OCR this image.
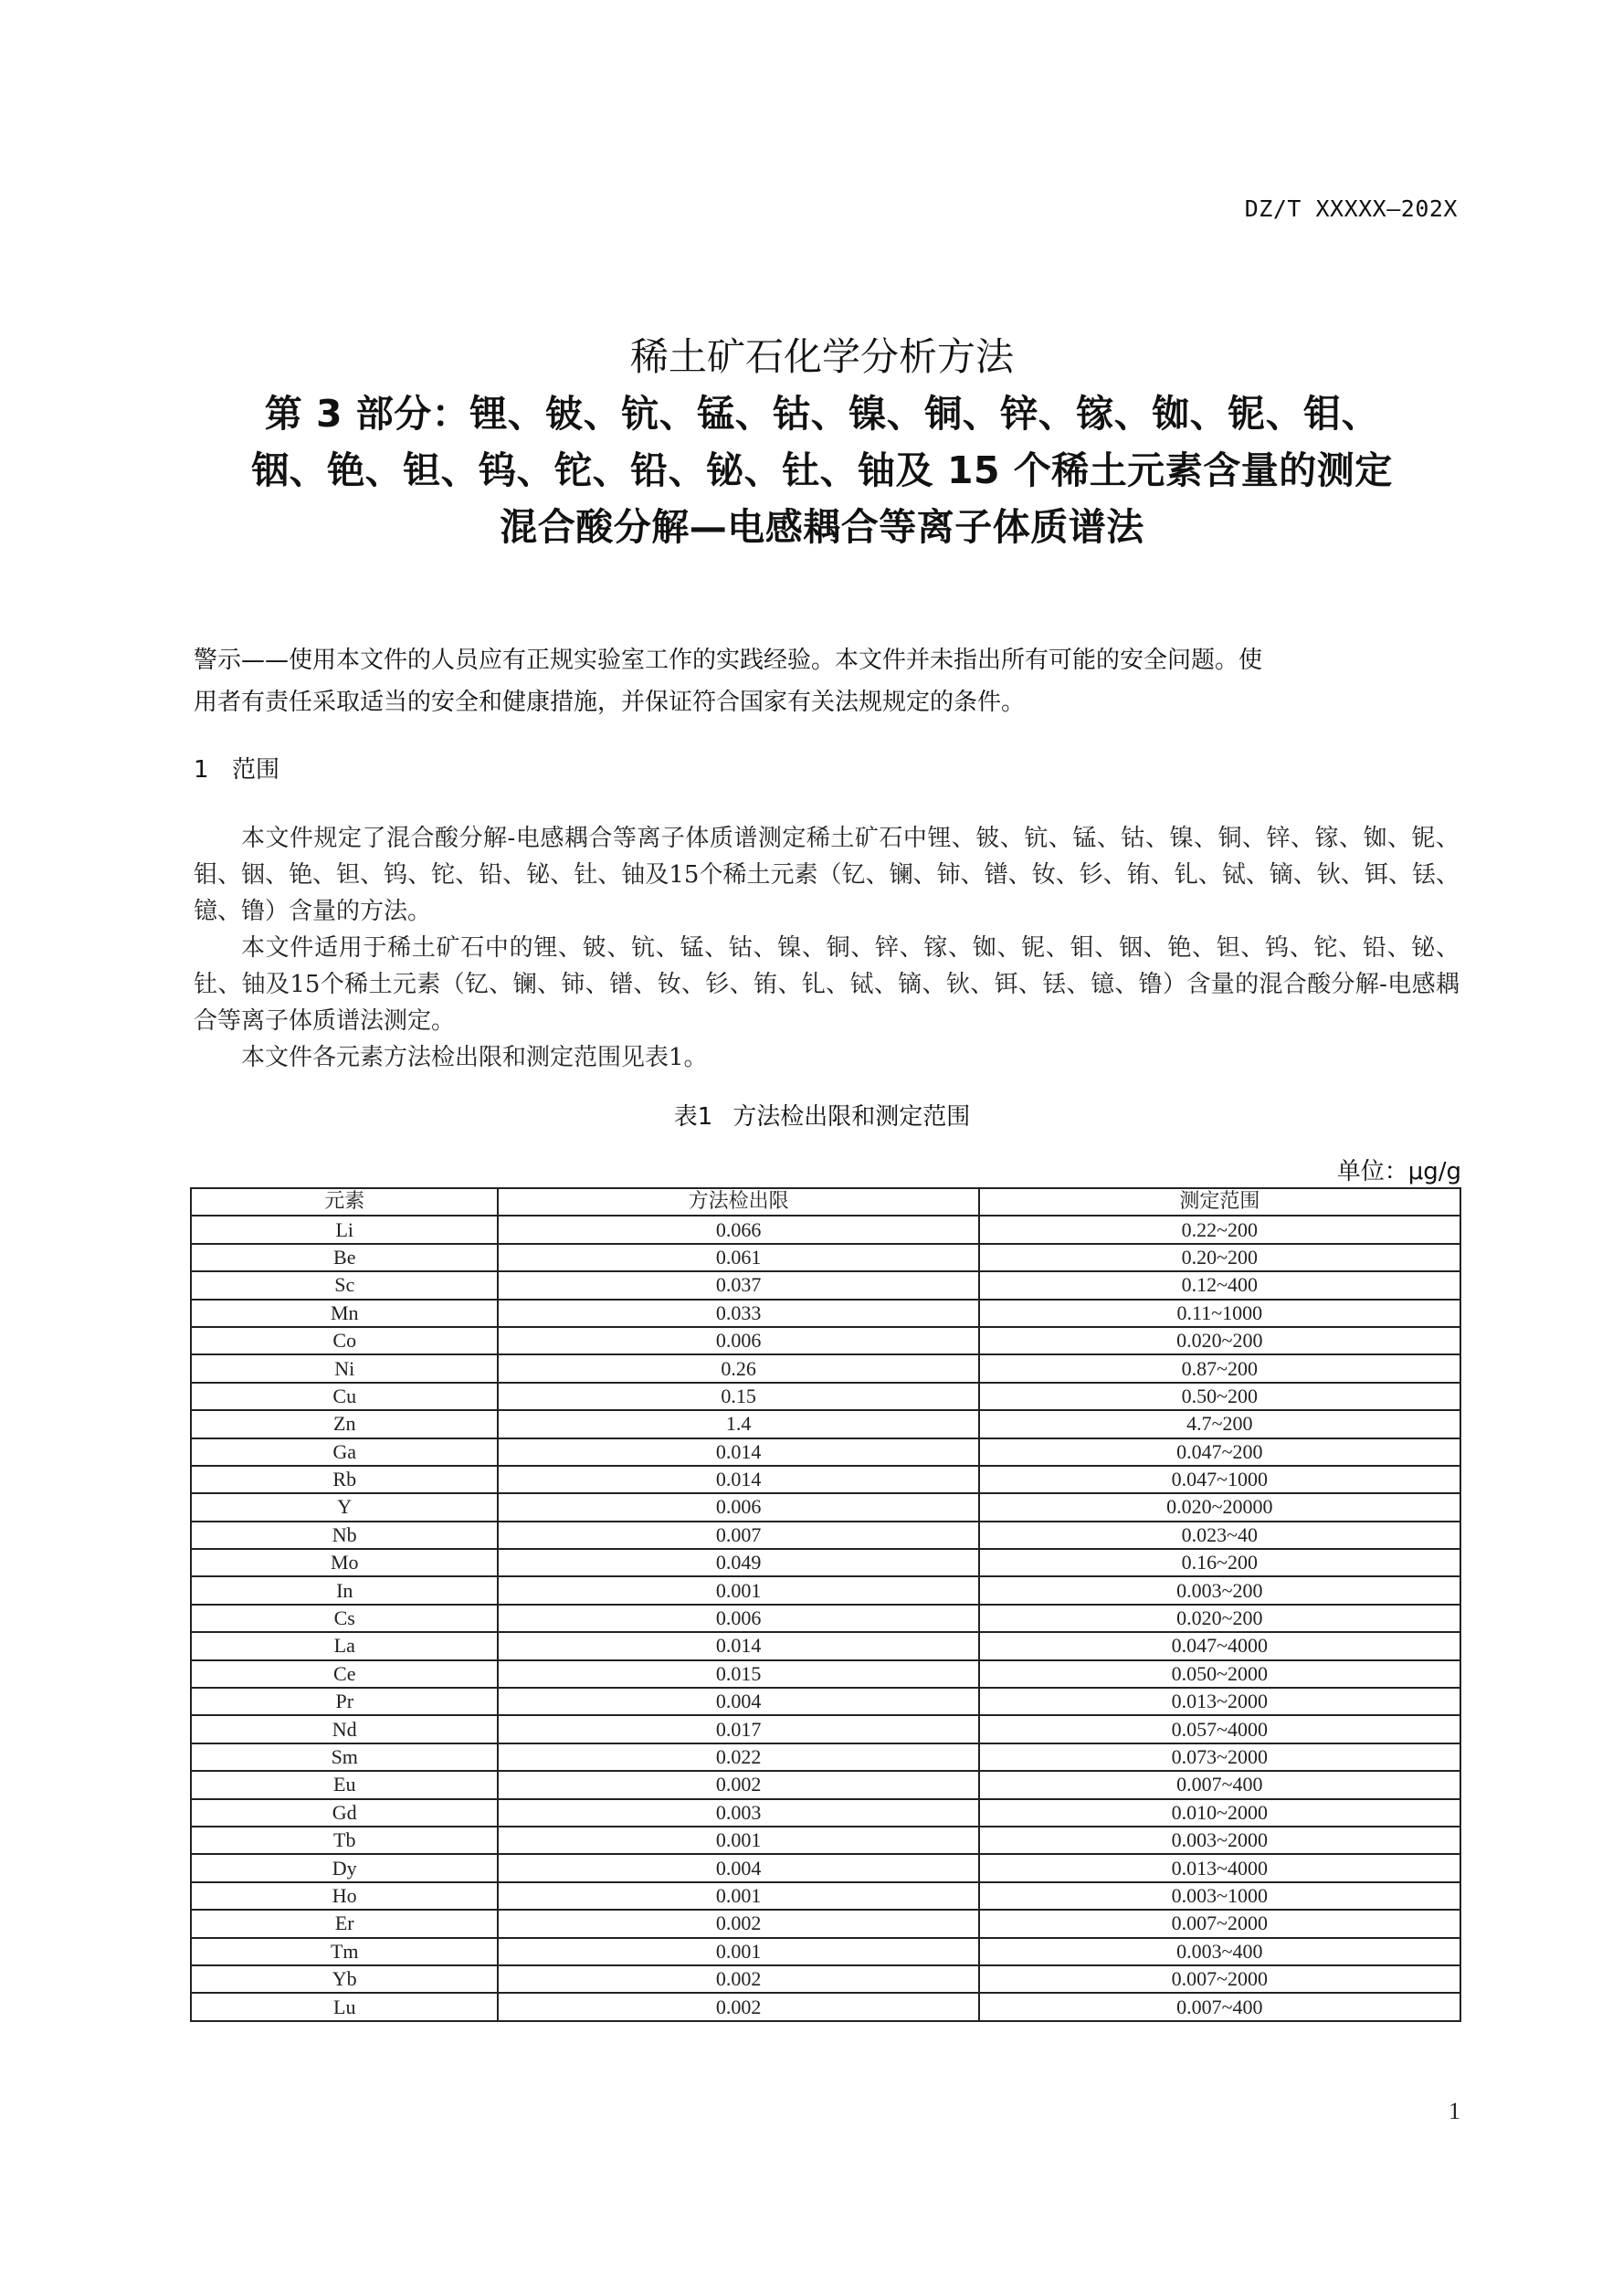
DZ/T XXXXX—202X
稀土矿石化学分析方法
第 3 部分：锂、铍、钪、锰、钴、镍、铜、锌、镓、铷、铌、钼、
铟、铯、钽、钨、铊、铅、铋、钍、铀及 15 个稀土元素含量的测定
混合酸分解—电感耦合等离子体质谱法
警示——使用本文件的人员应有正规实验室工作的实践经验。本文件并未指出所有可能的安全问题。使
用者有责任采取适当的安全和健康措施，并保证符合国家有关法规规定的条件。
1 范围

本文件规定了混合酸分解-电感耦合等离子体质谱测定稀土矿石中锂、铍、钪、锰、钴、镍、铜、锌、镓、铷、铌、钼、铟、铯、钽、钨、铊、铅、铋、钍、铀及15个稀土元素（钇、镧、铈、镨、钕、钐、铕、钆、铽、镝、钬、铒、铥、镱、镥）含量的方法。

本文件适用于稀土矿石中的锂、铍、钪、锰、钴、镍、铜、锌、镓、铷、铌、钼、铟、铯、钽、钨、铊、铅、铋、钍、铀及15个稀土元素（钇、镧、铈、镨、钕、钐、铕、钆、铽、镝、钬、铒、铥、镱、镥）含量的混合酸分解-电感耦合等离子体质谱法测定。

本文件各元素方法检出限和测定范围见表1。

表1 方法检出限和测定范围
单位：μg/g
元素	方法检出限	测定范围
Li	0.066	0.22~200
Be	0.061	0.20~200
Sc	0.037	0.12~400
Mn	0.033	0.11~1000
Co	0.006	0.020~200
Ni	0.26	0.87~200
Cu	0.15	0.50~200
Zn	1.4	4.7~200
Ga	0.014	0.047~200
Rb	0.014	0.047~1000
Y	0.006	0.020~20000
Nb	0.007	0.023~40
Mo	0.049	0.16~200
In	0.001	0.003~200
Cs	0.006	0.020~200
La	0.014	0.047~4000
Ce	0.015	0.050~2000
Pr	0.004	0.013~2000
Nd	0.017	0.057~4000
Sm	0.022	0.073~2000
Eu	0.002	0.007~400
Gd	0.003	0.010~2000
Tb	0.001	0.003~2000
Dy	0.004	0.013~4000
Ho	0.001	0.003~1000
Er	0.002	0.007~2000
Tm	0.001	0.003~400
Yb	0.002	0.007~2000
Lu	0.002	0.007~400
1
